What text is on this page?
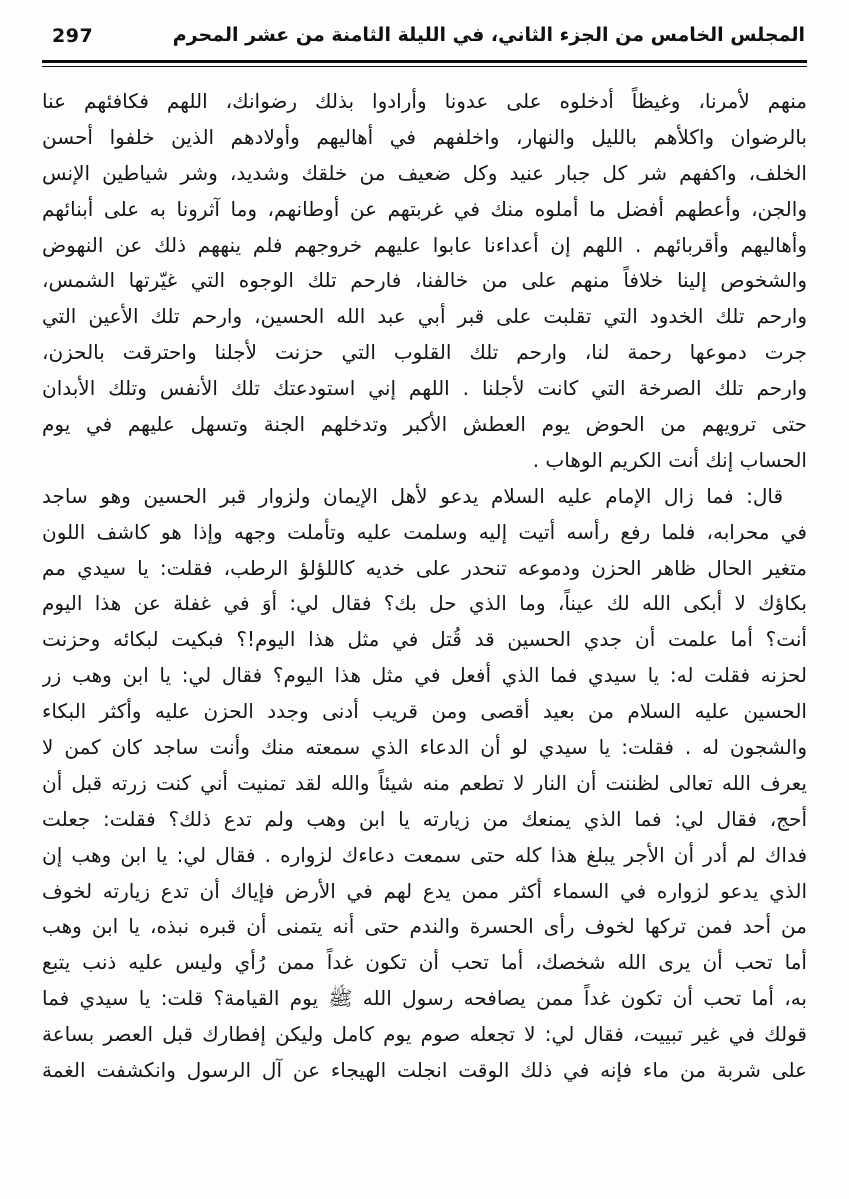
297	المجلس الخامس من الجزء الثاني، في الليلة الثامنة من عشر المحرم
منهم لأمرنا، وغيظاً أدخلوه على عدونا وأرادوا بذلك رضوانك، اللهم فكافئهم عنا
بالرضوان واكلأهم بالليل والنهار، واخلفهم في أهاليهم وأولادهم الذين خلفوا أحسن
الخلف، واكفهم شر كل جبار عنيد وكل ضعيف من خلقك وشديد، وشر شياطين الإنس
والجن، وأعطهم أفضل ما أملوه منك في غربتهم عن أوطانهم، وما آثرونا به على أبنائهم
وأهاليهم وأقربائهم . اللهم إن أعداءنا عابوا عليهم خروجهم فلم ينههم ذلك عن النهوض
والشخوص إلينا خلافاً منهم على من خالفنا، فارحم تلك الوجوه التي غيّرتها الشمس،
وارحم تلك الخدود التي تقلبت على قبر أبي عبد الله الحسين، وارحم تلك الأعين التي
جرت دموعها رحمة لنا، وارحم تلك القلوب التي حزنت لأجلنا واحترقت بالحزن،
وارحم تلك الصرخة التي كانت لأجلنا . اللهم إني استودعتك تلك الأنفس وتلك الأبدان
حتى ترويهم من الحوض يوم العطش الأكبر وتدخلهم الجنة وتسهل عليهم في يوم
الحساب إنك أنت الكريم الوهاب .
قال: فما زال الإمام عليه السلام يدعو لأهل الإيمان ولزوار قبر الحسين وهو ساجد
في محرابه، فلما رفع رأسه أتيت إليه وسلمت عليه وتأملت وجهه وإذا هو كاشف اللون
متغير الحال ظاهر الحزن ودموعه تنحدر على خديه كاللؤلؤ الرطب، فقلت: يا سيدي مم
بكاؤك لا أبكى الله لك عيناً، وما الذي حل بك؟ فقال لي: أوَ في غفلة عن هذا اليوم
أنت؟ أما علمت أن جدي الحسين قد قُتل في مثل هذا اليوم!؟ فبكيت لبكائه وحزنت
لحزنه فقلت له: يا سيدي فما الذي أفعل في مثل هذا اليوم؟ فقال لي: يا ابن وهب زر
الحسين عليه السلام من بعيد أقصى ومن قريب أدنى وجدد الحزن عليه وأكثر البكاء
والشجون له . فقلت: يا سيدي لو أن الدعاء الذي سمعته منك وأنت ساجد كان كمن لا
يعرف الله تعالى لظننت أن النار لا تطعم منه شيئاً والله لقد تمنيت أني كنت زرته قبل أن
أحج، فقال لي: فما الذي يمنعك من زيارته يا ابن وهب ولم تدع ذلك؟ فقلت: جعلت
فداك لم أدر أن الأجر يبلغ هذا كله حتى سمعت دعاءك لزواره . فقال لي: يا ابن وهب إن
الذي يدعو لزواره في السماء أكثر ممن يدع لهم في الأرض فإياك أن تدع زيارته لخوف
من أحد فمن تركها لخوف رأى الحسرة والندم حتى أنه يتمنى أن قبره نبذه، يا ابن وهب
أما تحب أن يرى الله شخصك، أما تحب أن تكون غداً ممن رُأي وليس عليه ذنب يتبع
به، أما تحب أن تكون غداً ممن يصافحه رسول الله ﷺ يوم القيامة؟ قلت: يا سيدي فما
قولك في غير تبييت، فقال لي: لا تجعله صوم يوم كامل وليكن إفطارك قبل العصر بساعة
على شربة من ماء فإنه في ذلك الوقت انجلت الهيجاء عن آل الرسول وانكشفت الغمة
